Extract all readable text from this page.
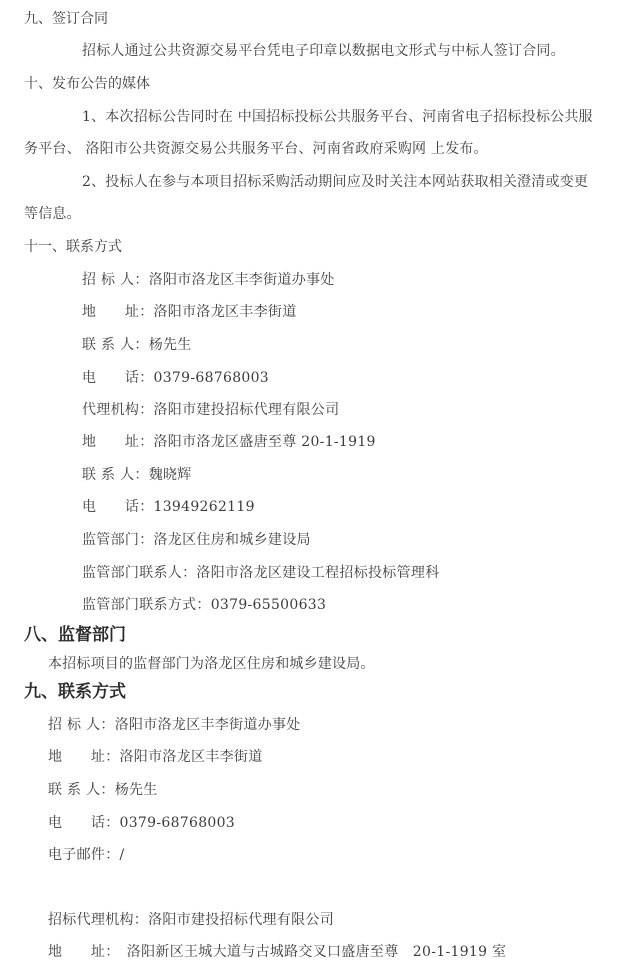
九、签订合同
招标人通过公共资源交易平台凭电子印章以数据电文形式与中标人签订合同。
十、发布公告的媒体
1、本次招标公告同时在 中国招标投标公共服务平台、河南省电子招标投标公共服
务平台、 洛阳市公共资源交易公共服务平台、河南省政府采购网 上发布。
2、投标人在参与本项目招标采购活动期间应及时关注本网站获取相关澄清或变更
等信息。
十一、联系方式
招 标 人：洛阳市洛龙区丰李街道办事处
地　　址：洛阳市洛龙区丰李街道
联 系 人：杨先生
电　　话：0379-68768003
代理机构：洛阳市建投招标代理有限公司
地　　址：洛阳市洛龙区盛唐至尊 20-1-1919
联 系 人：魏晓辉
电　　话：13949262119
监管部门：洛龙区住房和城乡建设局
监管部门联系人：洛阳市洛龙区建设工程招标投标管理科
监管部门联系方式：0379-65500633
八、监督部门
本招标项目的监督部门为洛龙区住房和城乡建设局。
九、联系方式
招 标 人：洛阳市洛龙区丰李街道办事处
地　　址：洛阳市洛龙区丰李街道
联 系 人：杨先生
电　　话：0379-68768003
电子邮件：/
招标代理机构：洛阳市建投招标代理有限公司
地　　址：　洛阳新区王城大道与古城路交叉口盛唐至尊　20-1-1919 室
